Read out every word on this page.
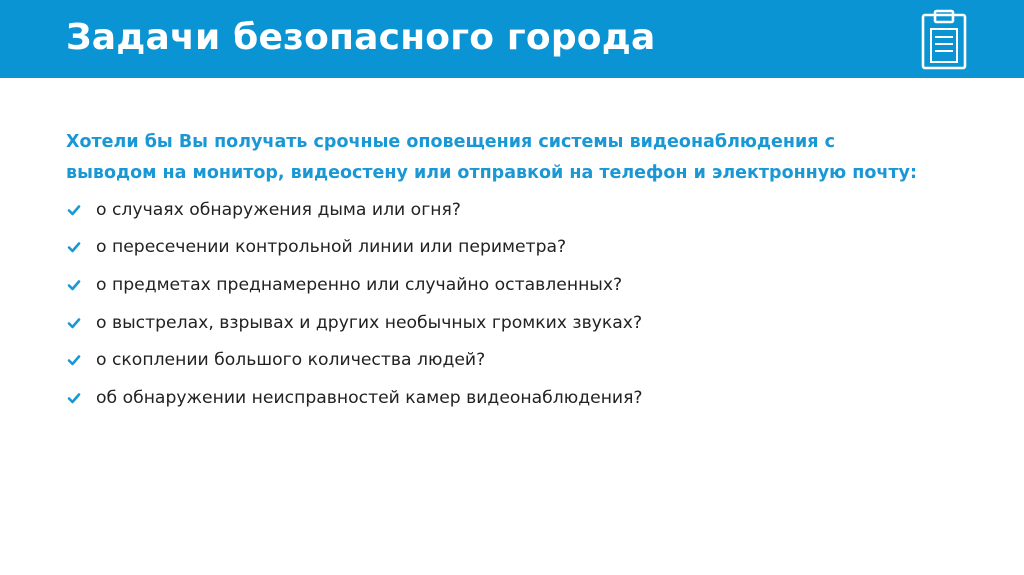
Задачи безопасного города

Хотели бы Вы получать срочные оповещения системы видеонаблюдения с выводом на монитор, видеостену или отправкой на телефон и электронную почту:

о случаях обнаружения дыма или огня?
о пересечении контрольной линии или периметра?
о предметах преднамеренно или случайно оставленных?
о выстрелах, взрывах и других необычных громких звуках?
о скоплении большого количества людей?
об обнаружении неисправностей камер видеонаблюдения?
